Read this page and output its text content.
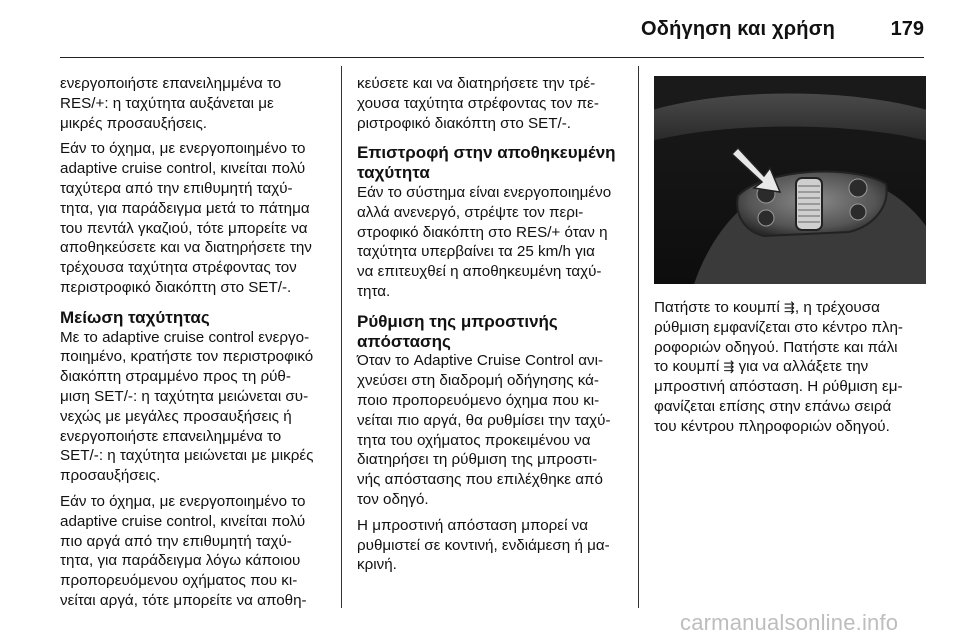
Οδήγηση και χρήση	179

ενεργοποιήστε επανειλημμένα το
RES/+: η ταχύτητα αυξάνεται με
μικρές προσαυξήσεις.

Εάν το όχημα, με ενεργοποιημένο το
adaptive cruise control, κινείται πολύ
ταχύτερα από την επιθυμητή ταχύ-
τητα, για παράδειγμα μετά το πάτημα
του πεντάλ γκαζιού, τότε μπορείτε να
αποθηκεύσετε και να διατηρήσετε την
τρέχουσα ταχύτητα στρέφοντας τον
περιστροφικό διακόπτη στο SET/-.

Μείωση ταχύτητας

Με το adaptive cruise control ενεργο-
ποιημένο, κρατήστε τον περιστροφικό
διακόπτη στραμμένο προς τη ρύθ-
μιση SET/-: η ταχύτητα μειώνεται συ-
νεχώς με μεγάλες προσαυξήσεις ή
ενεργοποιήστε επανειλημμένα το
SET/-: η ταχύτητα μειώνεται με μικρές
προσαυξήσεις.

Εάν το όχημα, με ενεργοποιημένο το
adaptive cruise control, κινείται πολύ
πιο αργά από την επιθυμητή ταχύ-
τητα, για παράδειγμα λόγω κάποιου
προπορευόμενου οχήματος που κι-
νείται αργά, τότε μπορείτε να αποθη-

κεύσετε και να διατηρήσετε την τρέ-
χουσα ταχύτητα στρέφοντας τον πε-
ριστροφικό διακόπτη στο SET/-.

Επιστροφή στην αποθηκευμένη
ταχύτητα

Εάν το σύστημα είναι ενεργοποιημένο
αλλά ανενεργό, στρέψτε τον περι-
στροφικό διακόπτη στο RES/+ όταν η
ταχύτητα υπερβαίνει τα 25 km/h για
να επιτευχθεί η αποθηκευμένη ταχύ-
τητα.

Ρύθμιση της μπροστινής
απόστασης

Όταν το Adaptive Cruise Control ανι-
χνεύσει στη διαδρομή οδήγησης κά-
ποιο προπορευόμενο όχημα που κι-
νείται πιο αργά, θα ρυθμίσει την ταχύ-
τητα του οχήματος προκειμένου να
διατηρήσει τη ρύθμιση της μπροστι-
νής απόστασης που επιλέχθηκε από
τον οδηγό.

Η μπροστινή απόσταση μπορεί να
ρυθμιστεί σε κοντινή, ενδιάμεση ή μα-
κρινή.

Πατήστε το κουμπί ⇶, η τρέχουσα
ρύθμιση εμφανίζεται στο κέντρο πλη-
ροφοριών οδηγού. Πατήστε και πάλι
το κουμπί ⇶ για να αλλάξετε την
μπροστινή απόσταση. Η ρύθμιση εμ-
φανίζεται επίσης στην επάνω σειρά
του κέντρου πληροφοριών οδηγού.

carmanualsonline.info
